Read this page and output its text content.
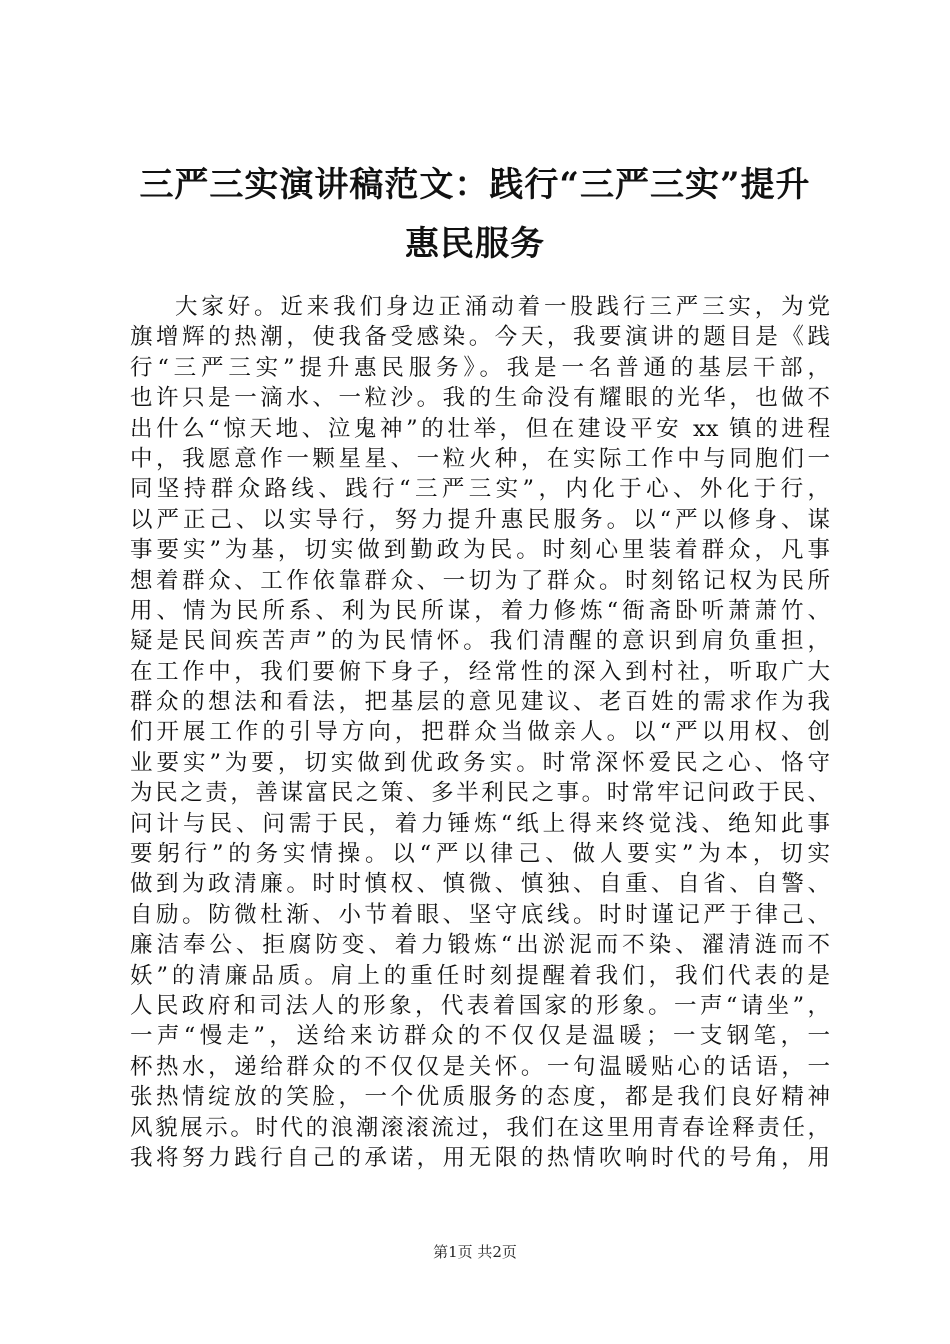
三严三实演讲稿范文：践行“三严三实”提升
惠民服务
大家好。近来我们身边正涌动着一股践行三严三实，为党
旗增辉的热潮，使我备受感染。今天，我要演讲的题目是《践
行“三严三实”提升惠民服务》。我是一名普通的基层干部，
也许只是一滴水、一粒沙。我的生命没有耀眼的光华，也做不
出什么“惊天地、泣鬼神”的壮举，但在建设平安 xx 镇的进程
中，我愿意作一颗星星、一粒火种，在实际工作中与同胞们一
同坚持群众路线、践行“三严三实”，内化于心、外化于行，
以严正己、以实导行，努力提升惠民服务。以“严以修身、谋
事要实”为基，切实做到勤政为民。时刻心里装着群众，凡事
想着群众、工作依靠群众、一切为了群众。时刻铭记权为民所
用、情为民所系、利为民所谋，着力修炼“衙斋卧听萧萧竹、
疑是民间疾苦声”的为民情怀。我们清醒的意识到肩负重担，
在工作中，我们要俯下身子，经常性的深入到村社，听取广大
群众的想法和看法，把基层的意见建议、老百姓的需求作为我
们开展工作的引导方向，把群众当做亲人。以“严以用权、创
业要实”为要，切实做到优政务实。时常深怀爱民之心、恪守
为民之责，善谋富民之策、多半利民之事。时常牢记问政于民、
问计与民、问需于民，着力锤炼“纸上得来终觉浅、绝知此事
要躬行”的务实情操。以“严以律己、做人要实”为本，切实
做到为政清廉。时时慎权、慎微、慎独、自重、自省、自警、
自励。防微杜渐、小节着眼、坚守底线。时时谨记严于律己、
廉洁奉公、拒腐防变、着力锻炼“出淤泥而不染、濯清涟而不
妖”的清廉品质。肩上的重任时刻提醒着我们，我们代表的是
人民政府和司法人的形象，代表着国家的形象。一声“请坐”，
一声“慢走”，送给来访群众的不仅仅是温暖；一支钢笔，一
杯热水，递给群众的不仅仅是关怀。一句温暖贴心的话语，一
张热情绽放的笑脸，一个优质服务的态度，都是我们良好精神
风貌展示。时代的浪潮滚滚流过，我们在这里用青春诠释责任，
我将努力践行自己的承诺，用无限的热情吹响时代的号角，用
第1页 共2页
